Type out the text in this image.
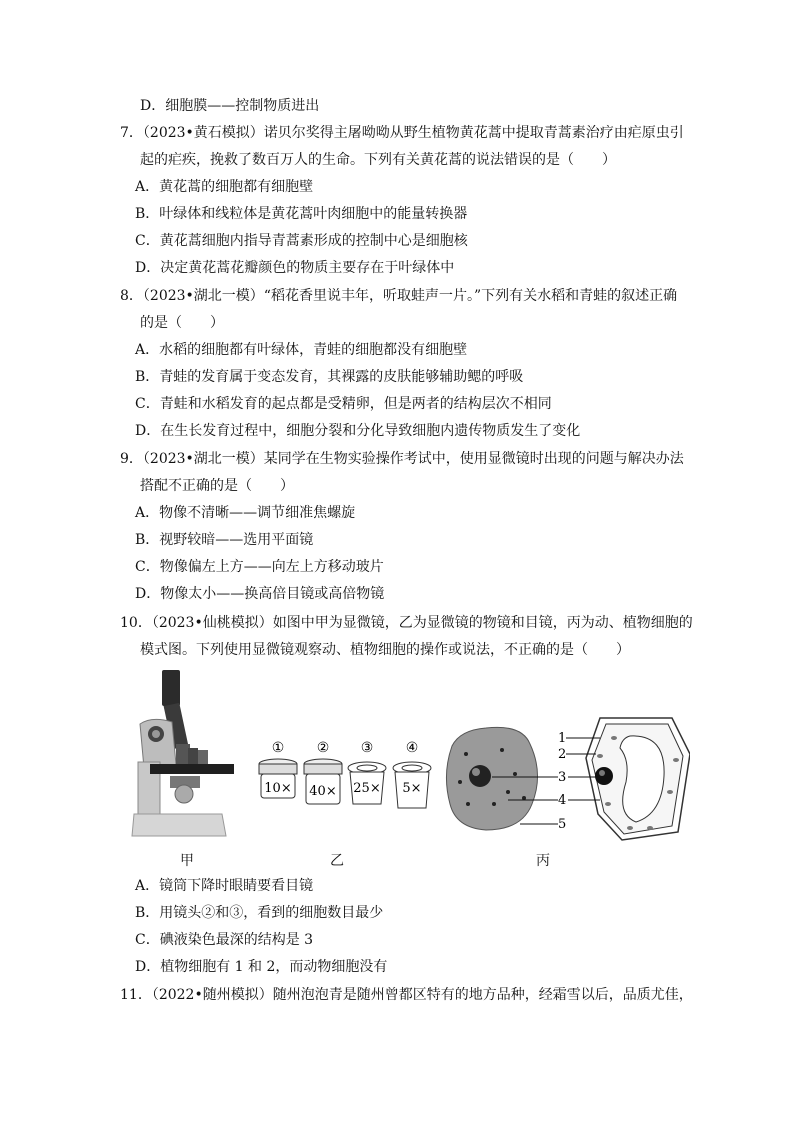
D．细胞膜——控制物质进出
7．（2023•黄石模拟）诺贝尔奖得主屠呦呦从野生植物黄花蒿中提取青蒿素治疗由疟原虫引
起的疟疾，挽救了数百万人的生命。下列有关黄花蒿的说法错误的是（　　）
A．黄花蒿的细胞都有细胞壁
B．叶绿体和线粒体是黄花蒿叶肉细胞中的能量转换器
C．黄花蒿细胞内指导青蒿素形成的控制中心是细胞核
D．决定黄花蒿花瓣颜色的物质主要存在于叶绿体中
8．（2023•湖北一模）“稻花香里说丰年，听取蛙声一片。”下列有关水稻和青蛙的叙述正确
的是（　　）
A．水稻的细胞都有叶绿体，青蛙的细胞都没有细胞壁
B．青蛙的发育属于变态发育，其裸露的皮肤能够辅助鳃的呼吸
C．青蛙和水稻发育的起点都是受精卵，但是两者的结构层次不相同
D．在生长发育过程中，细胞分裂和分化导致细胞内遗传物质发生了变化
9．（2023•湖北一模）某同学在生物实验操作考试中，使用显微镜时出现的问题与解决办法
搭配不正确的是（　　）
A．物像不清晰——调节细准焦螺旋
B．视野较暗——选用平面镜
C．物像偏左上方——向左上方移动玻片
D．物像太小——换高倍目镜或高倍物镜
10．（2023•仙桃模拟）如图中甲为显微镜，乙为显微镜的物镜和目镜，丙为动、植物细胞的
模式图。下列使用显微镜观察动、植物细胞的操作或说法，不正确的是（　　）
① ② ③ ④
10× 40× 25× 5×
1
2
3
4
5
甲	乙	丙
A．镜筒下降时眼睛要看目镜
B．用镜头②和③，看到的细胞数目最少
C．碘液染色最深的结构是 3
D．植物细胞有 1 和 2，而动物细胞没有
11．（2022•随州模拟）随州泡泡青是随州曾都区特有的地方品种，经霜雪以后，品质尤佳，
